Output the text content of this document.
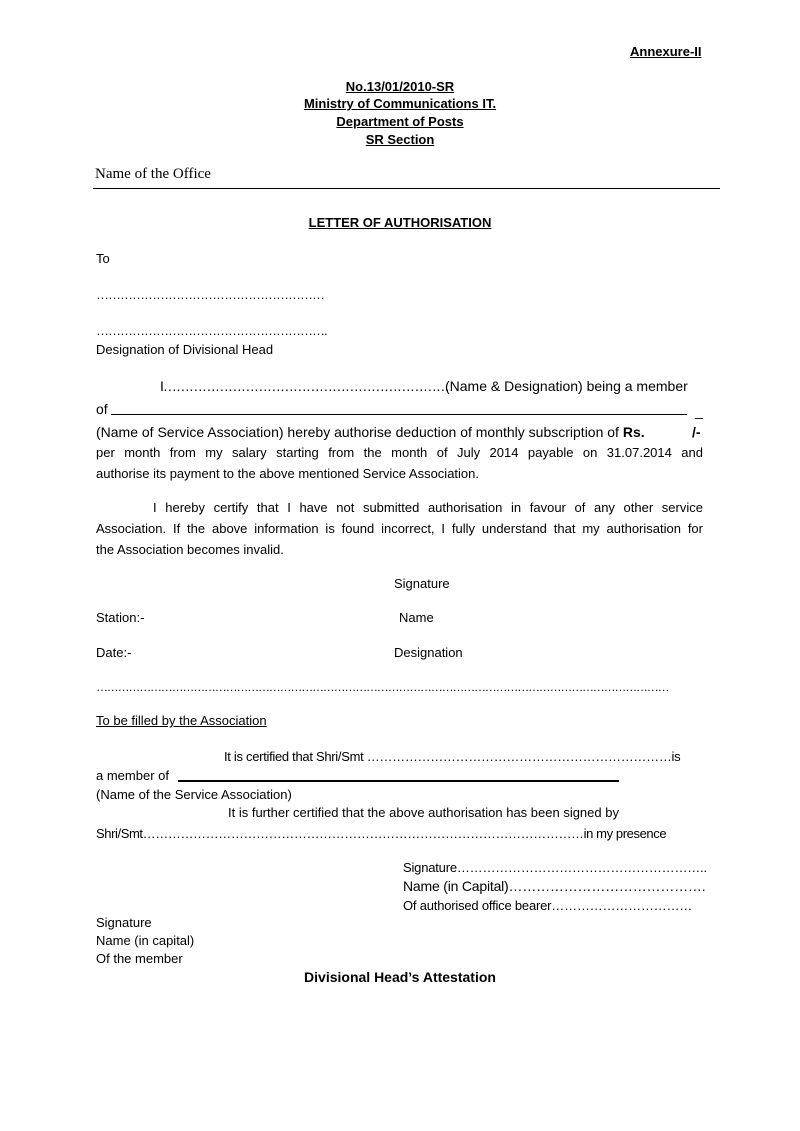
Annexure-II
No.13/01/2010-SR
Ministry of Communications IT.
Department of Posts
SR Section
Name of the Office
LETTER OF AUTHORISATION
To
…………………………………………………
………………………………………………….
Designation of Divisional Head
I…………………………………………………………
(Name & Designation) being a member
of	_
(Name of Service Association) hereby authorise deduction of monthly subscription of Rs.	/-
per month from my salary starting from the month of July 2014 payable on 31.07.2014 and
authorise its payment to the above mentioned Service Association.
I hereby certify that I have not submitted authorisation in favour of any other service
Association. If the above information is found incorrect, I fully understand that my authorisation for
the Association becomes invalid.
Signature
Station:-	Name
Date:-	Designation
……………………………………………………………………………………………………………………………………………
To be filled by the Association
It is certified that Shri/Smt ………………………………………………………………is
a member of
(Name of the Service Association)
It is further certified that the above authorisation has been signed by
Shri/Smt……………………………………………………………………………………………in my presence
Signature…………………………………………………..
Name (in Capital)…………………………………….
Of authorised office bearer……………………………
Signature
Name (in capital)
Of the member
Divisional Head’s Attestation
